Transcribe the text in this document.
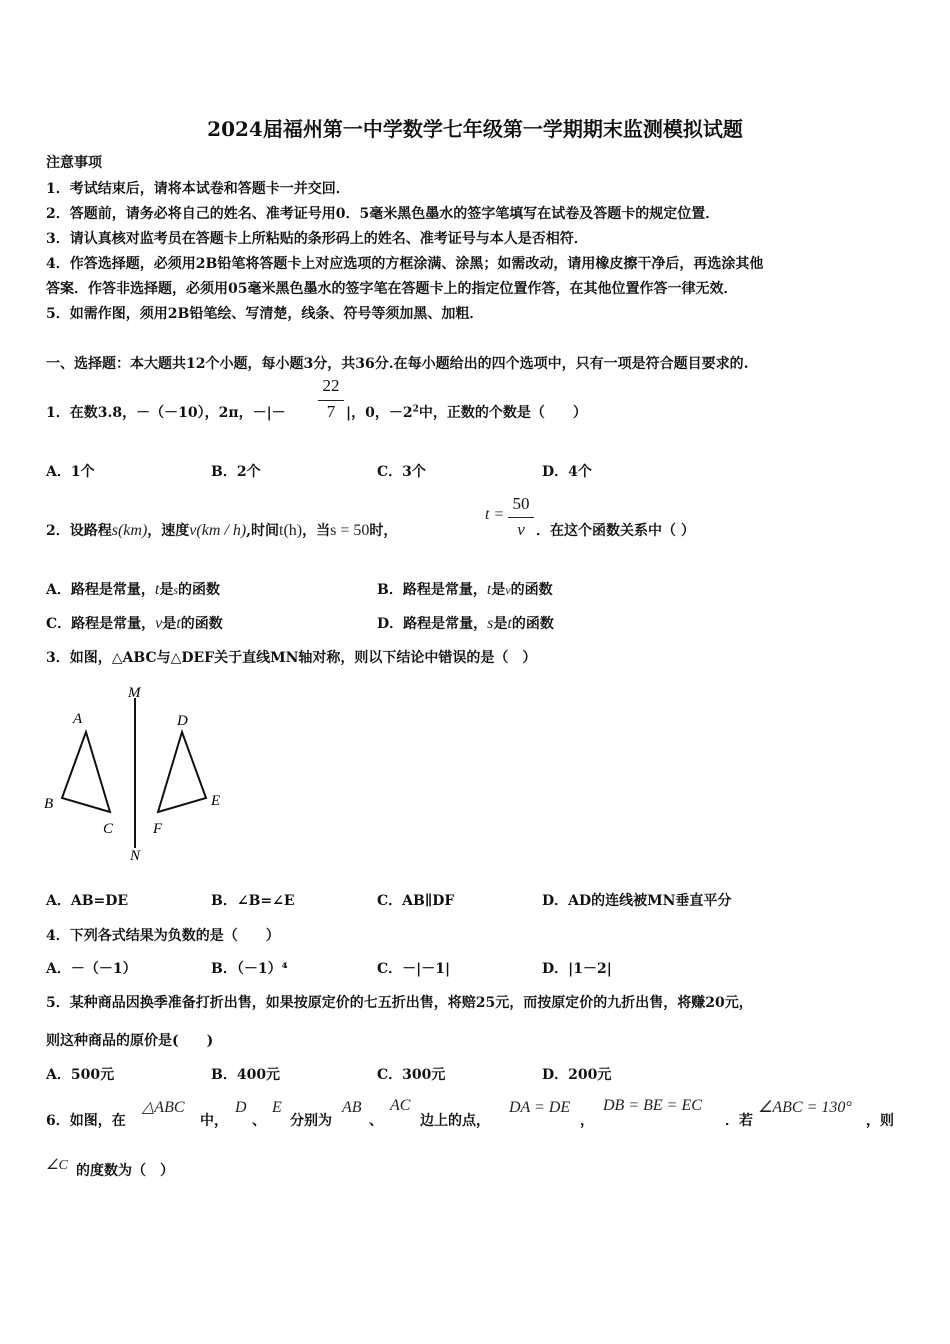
2024届福州第一中学数学七年级第一学期期末监测模拟试题
注意事项
1．考试结束后，请将本试卷和答题卡一并交回．
2．答题前，请务必将自己的姓名、准考证号用0．5毫米黑色墨水的签字笔填写在试卷及答题卡的规定位置．
3．请认真核对监考员在答题卡上所粘贴的条形码上的姓名、准考证号与本人是否相符．
4．作答选择题，必须用2B铅笔将答题卡上对应选项的方框涂满、涂黑；如需改动，请用橡皮擦干净后，再选涂其他
答案．作答非选择题，必须用05毫米黑色墨水的签字笔在答题卡上的指定位置作答，在其他位置作答一律无效．
5．如需作图，须用2B铅笔绘、写清楚，线条、符号等须加黑、加粗．
一、选择题：本大题共12个小题，每小题3分，共36分.在每小题给出的四个选项中，只有一项是符合题目要求的.
1．在数3.8，－（－10），2π，－|－
22
7 |，0，$-2^2$中，正数的个数是（　　）
A．1个	B．2个	C．3个	D．4个
2．设路程s(km)，速度v(km / h),时间t(h)，当s = 50时，
t =
50
v ．在这个函数关系中（ ）
A．路程是常量，t是s的函数	B．路程是常量，t是v的函数
C．路程是常量，v是t的函数	D．路程是常量，s是t的函数
3．如图，△ABC与△DEF关于直线MN轴对称，则以下结论中错误的是（　）
M
N
A
B
C
D
E
F
A．AB=DE	B．∠B=∠E	C．AB∥DF	D．AD的连线被MN垂直平分
4．下列各式结果为负数的是（　　）
A．－（－1）	B．（－1）⁴	C．－|－1|	D．|1－2|
5．某种商品因换季准备打折出售，如果按原定价的七五折出售，将赔25元，而按原定价的九折出售，将赚20元，
则这种商品的原价是(　　)
A．500元	B．400元	C．300元	D．200元
6．如图，在
△ABC
中，
D
、
E
分别为
AB
、
AC
边上的点，
DA = DE
，
DB = BE = EC
．若
∠ABC = 130°
，则
∠C 的度数为（　）
